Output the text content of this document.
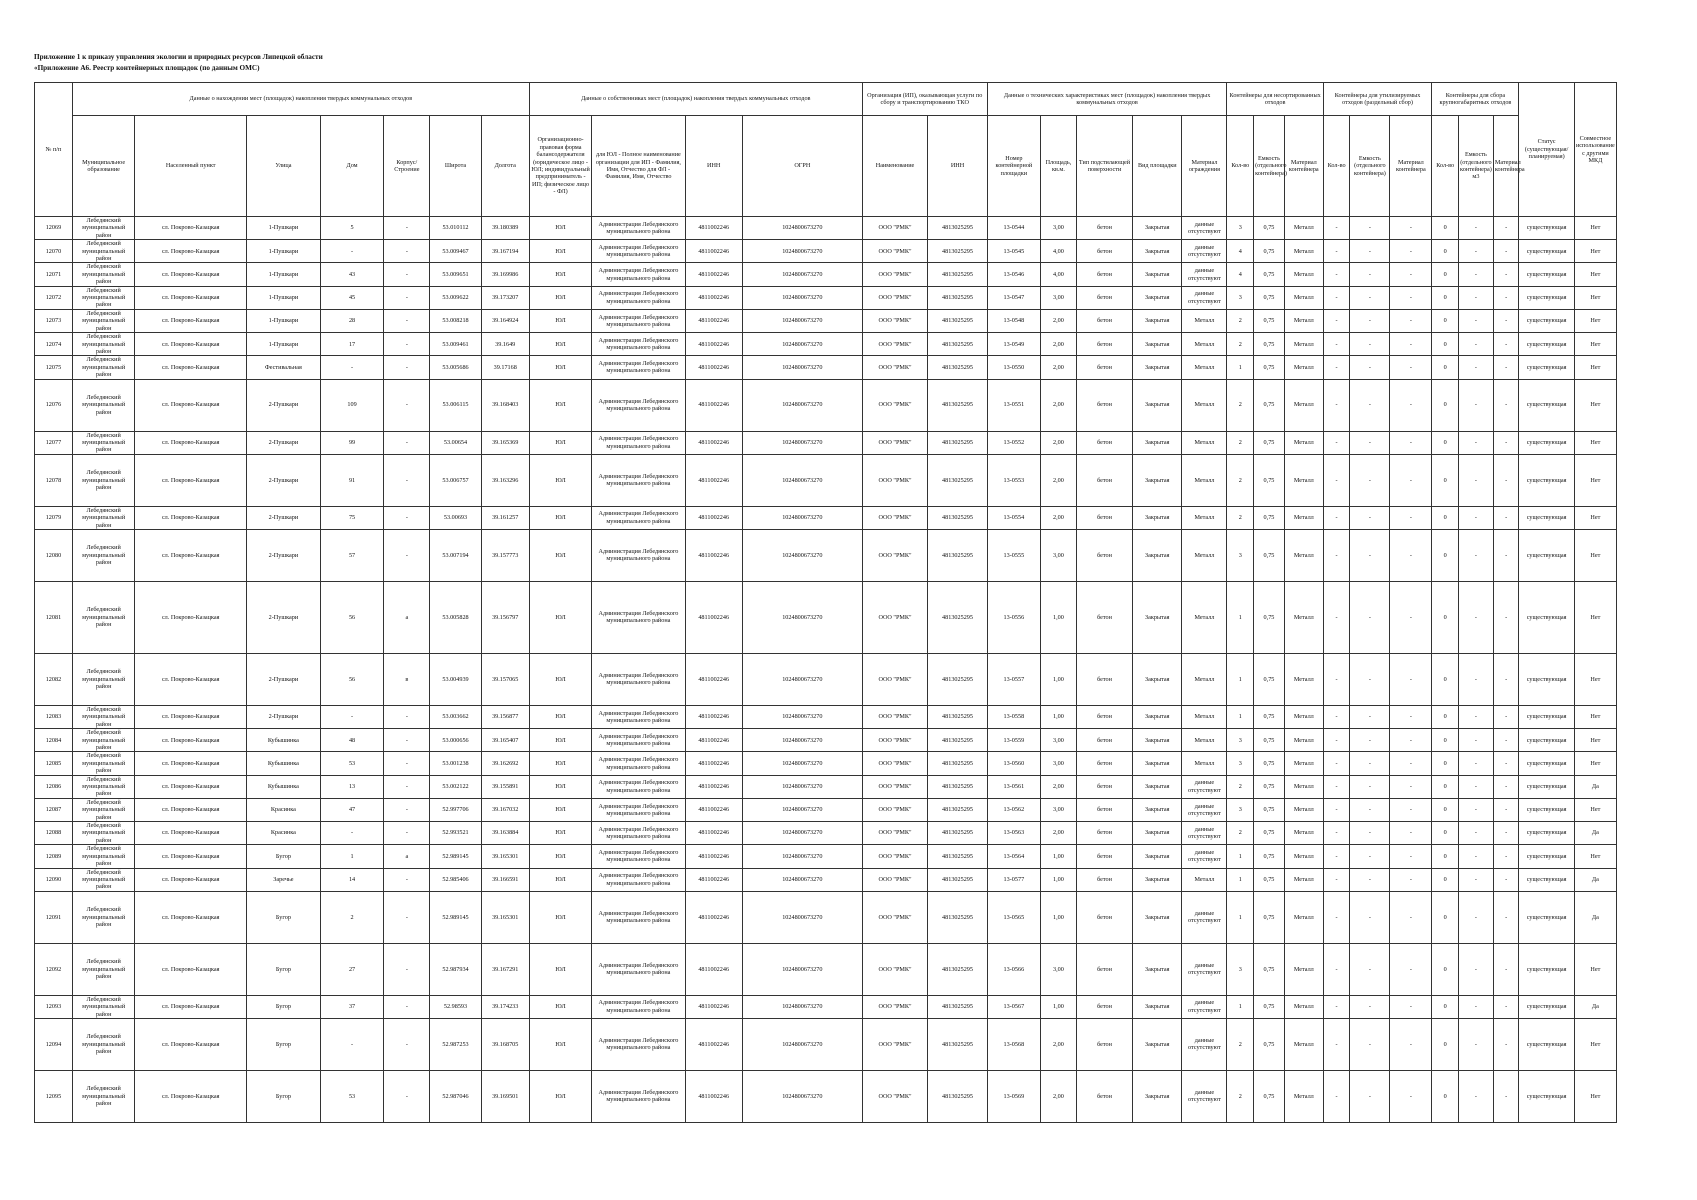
Приложение 1 к приказу управления экологии и природных ресурсов Липецкой области
«Приложение А6. Реестр контейнерных площадок (по данным ОМС)
№ п/п	Данные о нахождении мест (площадок) накопления твердых коммунальных отходов							Данные о собственниках мест (площадок) накопления твердых коммунальных отходов				Организация (ИП), оказывающая услуги по сбору и транспортированию ТКО		Данные о технических характеристиках мест (площадок) накопления твердых коммунальных отходов					Контейнеры для несортированных отходов			Контейнеры для утилизируемых отходов (раздельный сбор)			Контейнеры для сбора крупногабаритных отходов			Статус (существующая/ планируемая)	Совместное использование с другими МКД
	Муниципальное образование	Населенный пункт	Улица	Дом	Корпус/Строение	Широта	Долгота	Организационно-правовая форма балансодержателя (юридическое лицо - ЮЛ; индивидуальный предприниматель - ИП; физическое лицо - ФЛ)	для ЮЛ - Полное наименование организации для ИП - Фамилия, Имя, Отчество для ФЛ - Фамилия, Имя, Отчество	ИНН	ОГРН	Наименование	ИНН	Номер контейнерной площадки	Площадь, кв.м.	Тип подстилающей поверхности	Вид площадки	Материал ограждения	Кол-во	Емкость (отдельного контейнера)	Материал контейнера	Кол-во	Емкость (отдельного контейнера)	Материал контейнера	Кол-во	Емкость (отдельного контейнера) м3	Материал контейнера		

12069	Лебедянский муниципальный район	сл. Покрово-Казацкая	1-Пушкари	5	-	53.010112	39.180389	ЮЛ	Администрация Лебедянского муниципального района	4811002246	1024800673270	ООО "РМК"	4813025295	13-0544	3,00	бетон	Закрытая	данные отсутствуют	3	0,75	Металл	-	-	-	0	-	-	существующая	Нет

12070	Лебедянский муниципальный район	сл. Покрово-Казацкая	1-Пушкари	-	-	53.009467	39.167194	ЮЛ	Администрация Лебедянского муниципального района	4811002246	1024800673270	ООО "РМК"	4813025295	13-0545	4,00	бетон	Закрытая	данные отсутствуют	4	0,75	Металл	-	-	-	0	-	-	существующая	Нет

12071	Лебедянский муниципальный район	сл. Покрово-Казацкая	1-Пушкари	43	-	53.009651	39.169986	ЮЛ	Администрация Лебедянского муниципального района	4811002246	1024800673270	ООО "РМК"	4813025295	13-0546	4,00	бетон	Закрытая	данные отсутствуют	4	0,75	Металл	-	-	-	0	-	-	существующая	Нет

12072	Лебедянский муниципальный район	сл. Покрово-Казацкая	1-Пушкари	45	-	53.009622	39.173207	ЮЛ	Администрация Лебедянского муниципального района	4811002246	1024800673270	ООО "РМК"	4813025295	13-0547	3,00	бетон	Закрытая	данные отсутствуют	3	0,75	Металл	-	-	-	0	-	-	существующая	Нет

12073	Лебедянский муниципальный район	сл. Покрово-Казацкая	1-Пушкари	28	-	53.008218	39.164924	ЮЛ	Администрация Лебедянского муниципального района	4811002246	1024800673270	ООО "РМК"	4813025295	13-0548	2,00	бетон	Закрытая	Металл	2	0,75	Металл	-	-	-	0	-	-	существующая	Нет

12074	Лебедянский муниципальный район	сл. Покрово-Казацкая	1-Пушкари	17	-	53.009461	39.1649	ЮЛ	Администрация Лебедянского муниципального района	4811002246	1024800673270	ООО "РМК"	4813025295	13-0549	2,00	бетон	Закрытая	Металл	2	0,75	Металл	-	-	-	0	-	-	существующая	Нет

12075	Лебедянский муниципальный район	сл. Покрово-Казацкая	Фестивальная	-	-	53.005686	39.17168	ЮЛ	Администрация Лебедянского муниципального района	4811002246	1024800673270	ООО "РМК"	4813025295	13-0550	2,00	бетон	Закрытая	Металл	1	0,75	Металл	-	-	-	0	-	-	существующая	Нет

12076	Лебедянский муниципальный район	сл. Покрово-Казацкая	2-Пушкари	109	-	53.006115	39.168403	ЮЛ	Администрация Лебедянского муниципального района	4811002246	1024800673270	ООО "РМК"	4813025295	13-0551	2,00	бетон	Закрытая	Металл	2	0,75	Металл	-	-	-	0	-	-	существующая	Нет

12077	Лебедянский муниципальный район	сл. Покрово-Казацкая	2-Пушкари	99	-	53.00654	39.165369	ЮЛ	Администрация Лебедянского муниципального района	4811002246	1024800673270	ООО "РМК"	4813025295	13-0552	2,00	бетон	Закрытая	Металл	2	0,75	Металл	-	-	-	0	-	-	существующая	Нет

12078	Лебедянский муниципальный район	сл. Покрово-Казацкая	2-Пушкари	91	-	53.006757	39.163296	ЮЛ	Администрация Лебедянского муниципального района	4811002246	1024800673270	ООО "РМК"	4813025295	13-0553	2,00	бетон	Закрытая	Металл	2	0,75	Металл	-	-	-	0	-	-	существующая	Нет

12079	Лебедянский муниципальный район	сл. Покрово-Казацкая	2-Пушкари	75	-	53.00693	39.161257	ЮЛ	Администрация Лебедянского муниципального района	4811002246	1024800673270	ООО "РМК"	4813025295	13-0554	2,00	бетон	Закрытая	Металл	2	0,75	Металл	-	-	-	0	-	-	существующая	Нет

12080	Лебедянский муниципальный район	сл. Покрово-Казацкая	2-Пушкари	57	-	53.007194	39.157773	ЮЛ	Администрация Лебедянского муниципального района	4811002246	1024800673270	ООО "РМК"	4813025295	13-0555	3,00	бетон	Закрытая	Металл	3	0,75	Металл	-	-	-	0	-	-	существующая	Нет

12081	Лебедянский муниципальный район	сл. Покрово-Казацкая	2-Пушкари	56	а	53.005828	39.156797	ЮЛ	Администрация Лебедянского муниципального района	4811002246	1024800673270	ООО "РМК"	4813025295	13-0556	1,00	бетон	Закрытая	Металл	1	0,75	Металл	-	-	-	0	-	-	существующая	Нет

12082	Лебедянский муниципальный район	сл. Покрово-Казацкая	2-Пушкари	56	в	53.004939	39.157065	ЮЛ	Администрация Лебедянского муниципального района	4811002246	1024800673270	ООО "РМК"	4813025295	13-0557	1,00	бетон	Закрытая	Металл	1	0,75	Металл	-	-	-	0	-	-	существующая	Нет

12083	Лебедянский муниципальный район	сл. Покрово-Казацкая	2-Пушкари	-	-	53.003662	39.156877	ЮЛ	Администрация Лебедянского муниципального района	4811002246	1024800673270	ООО "РМК"	4813025295	13-0558	1,00	бетон	Закрытая	Металл	1	0,75	Металл	-	-	-	0	-	-	существующая	Нет

12084	Лебедянский муниципальный район	сл. Покрово-Казацкая	Кубышинка	48	-	53.000656	39.165407	ЮЛ	Администрация Лебедянского муниципального района	4811002246	1024800673270	ООО "РМК"	4813025295	13-0559	3,00	бетон	Закрытая	Металл	3	0,75	Металл	-	-	-	0	-	-	существующая	Нет

12085	Лебедянский муниципальный район	сл. Покрово-Казацкая	Кубышинка	53	-	53.001238	39.162692	ЮЛ	Администрация Лебедянского муниципального района	4811002246	1024800673270	ООО "РМК"	4813025295	13-0560	3,00	бетон	Закрытая	Металл	3	0,75	Металл	-	-	-	0	-	-	существующая	Нет

12086	Лебедянский муниципальный район	сл. Покрово-Казацкая	Кубышинка	13	-	53.002122	39.155891	ЮЛ	Администрация Лебедянского муниципального района	4811002246	1024800673270	ООО "РМК"	4813025295	13-0561	2,00	бетон	Закрытая	данные отсутствуют	2	0,75	Металл	-	-	-	0	-	-	существующая	Да

12087	Лебедянский муниципальный район	сл. Покрово-Казацкая	Красинка	47	-	52.997706	39.167032	ЮЛ	Администрация Лебедянского муниципального района	4811002246	1024800673270	ООО "РМК"	4813025295	13-0562	3,00	бетон	Закрытая	данные отсутствуют	3	0,75	Металл	-	-	-	0	-	-	существующая	Нет

12088	Лебедянский муниципальный район	сл. Покрово-Казацкая	Красинка	-	-	52.993521	39.163884	ЮЛ	Администрация Лебедянского муниципального района	4811002246	1024800673270	ООО "РМК"	4813025295	13-0563	2,00	бетон	Закрытая	данные отсутствуют	2	0,75	Металл	-	-	-	0	-	-	существующая	Да

12089	Лебедянский муниципальный район	сл. Покрово-Казацкая	Бугор	1	а	52.989145	39.165301	ЮЛ	Администрация Лебедянского муниципального района	4811002246	1024800673270	ООО "РМК"	4813025295	13-0564	1,00	бетон	Закрытая	данные отсутствуют	1	0,75	Металл	-	-	-	0	-	-	существующая	Нет

12090	Лебедянский муниципальный район	сл. Покрово-Казацкая	Заречье	14	-	52.985406	39.166591	ЮЛ	Администрация Лебедянского муниципального района	4811002246	1024800673270	ООО "РМК"	4813025295	13-0577	1,00	бетон	Закрытая	Металл	1	0,75	Металл	-	-	-	0	-	-	существующая	Да

12091	Лебедянский муниципальный район	сл. Покрово-Казацкая	Бугор	2	-	52.989145	39.165301	ЮЛ	Администрация Лебедянского муниципального района	4811002246	1024800673270	ООО "РМК"	4813025295	13-0565	1,00	бетон	Закрытая	данные отсутствуют	1	0,75	Металл	-	-	-	0	-	-	существующая	Да

12092	Лебедянский муниципальный район	сл. Покрово-Казацкая	Бугор	27	-	52.987934	39.167291	ЮЛ	Администрация Лебедянского муниципального района	4811002246	1024800673270	ООО "РМК"	4813025295	13-0566	3,00	бетон	Закрытая	данные отсутствуют	3	0,75	Металл	-	-	-	0	-	-	существующая	Нет

12093	Лебедянский муниципальный район	сл. Покрово-Казацкая	Бугор	37	-	52.98593	39.174233	ЮЛ	Администрация Лебедянского муниципального района	4811002246	1024800673270	ООО "РМК"	4813025295	13-0567	1,00	бетон	Закрытая	данные отсутствуют	1	0,75	Металл	-	-	-	0	-	-	существующая	Да

12094	Лебедянский муниципальный район	сл. Покрово-Казацкая	Бугор	-	-	52.987253	39.168705	ЮЛ	Администрация Лебедянского муниципального района	4811002246	1024800673270	ООО "РМК"	4813025295	13-0568	2,00	бетон	Закрытая	данные отсутствуют	2	0,75	Металл	-	-	-	0	-	-	существующая	Нет

12095	Лебедянский муниципальный район	сл. Покрово-Казацкая	Бугор	53	-	52.987046	39.169501	ЮЛ	Администрация Лебедянского муниципального района	4811002246	1024800673270	ООО "РМК"	4813025295	13-0569	2,00	бетон	Закрытая	данные отсутствуют	2	0,75	Металл	-	-	-	0	-	-	существующая	Нет
